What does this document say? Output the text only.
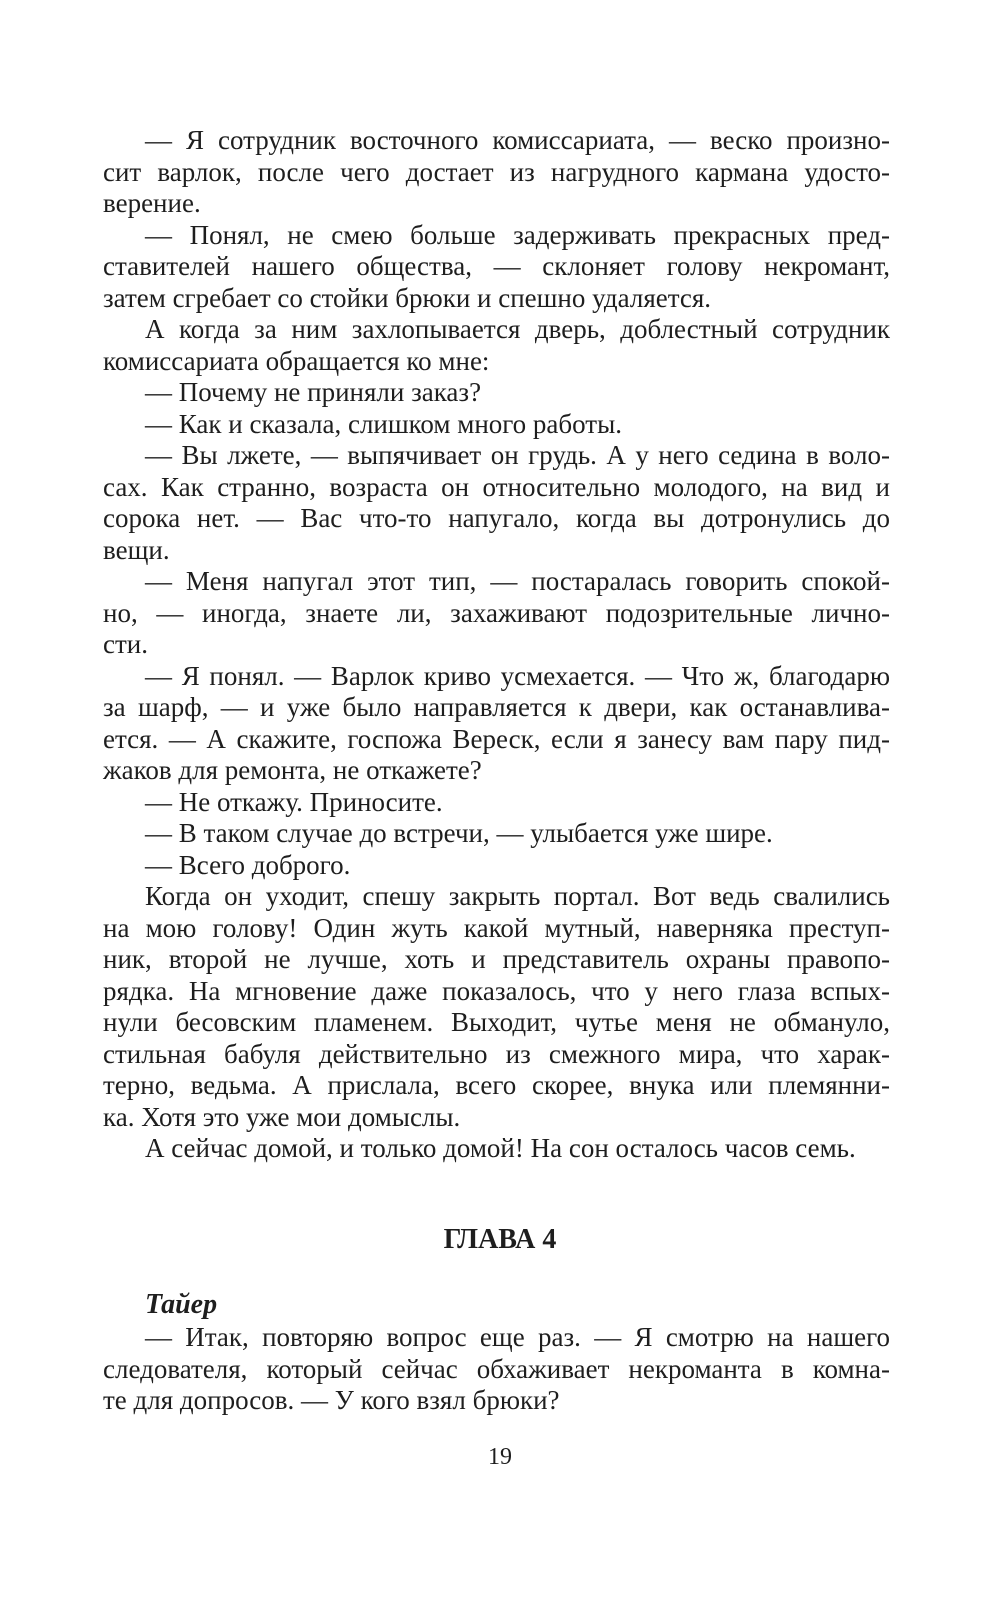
— Я сотрудник восточного комиссариата, — веско произно-
сит варлок, после чего достает из нагрудного кармана удосто-
верение.
— Понял, не смею больше задерживать прекрасных пред-
ставителей нашего общества, — склоняет голову некромант,
затем сгребает со стойки брюки и спешно удаляется.
А когда за ним захлопывается дверь, доблестный сотрудник
комиссариата обращается ко мне:
— Почему не приняли заказ?
— Как и сказала, слишком много работы.
— Вы лжете, — выпячивает он грудь. А у него седина в воло-
сах. Как странно, возраста он относительно молодого, на вид и
сорока нет. — Вас что-то напугало, когда вы дотронулись до
вещи.
— Меня напугал этот тип, — постаралась говорить спокой-
но, — иногда, знаете ли, захаживают подозрительные лично-
сти.
— Я понял. — Варлок криво усмехается. — Что ж, благодарю
за шарф, — и уже было направляется к двери, как останавлива-
ется. — А скажите, госпожа Вереск, если я занесу вам пару пид-
жаков для ремонта, не откажете?
— Не откажу. Приносите.
— В таком случае до встречи, — улыбается уже шире.
— Всего доброго.
Когда он уходит, спешу закрыть портал. Вот ведь свалились
на мою голову! Один жуть какой мутный, наверняка преступ-
ник, второй не лучше, хоть и представитель охраны правопо-
рядка. На мгновение даже показалось, что у него глаза вспых-
нули бесовским пламенем. Выходит, чутье меня не обмануло,
стильная бабуля действительно из смежного мира, что харак-
терно, ведьма. А прислала, всего скорее, внука или племянни-
ка. Хотя это уже мои домыслы.
А сейчас домой, и только домой! На сон осталось часов семь.
ГЛАВА 4
Тайер
— Итак, повторяю вопрос еще раз. — Я смотрю на нашего
следователя, который сейчас обхаживает некроманта в комна-
те для допросов. — У кого взял брюки?
19
